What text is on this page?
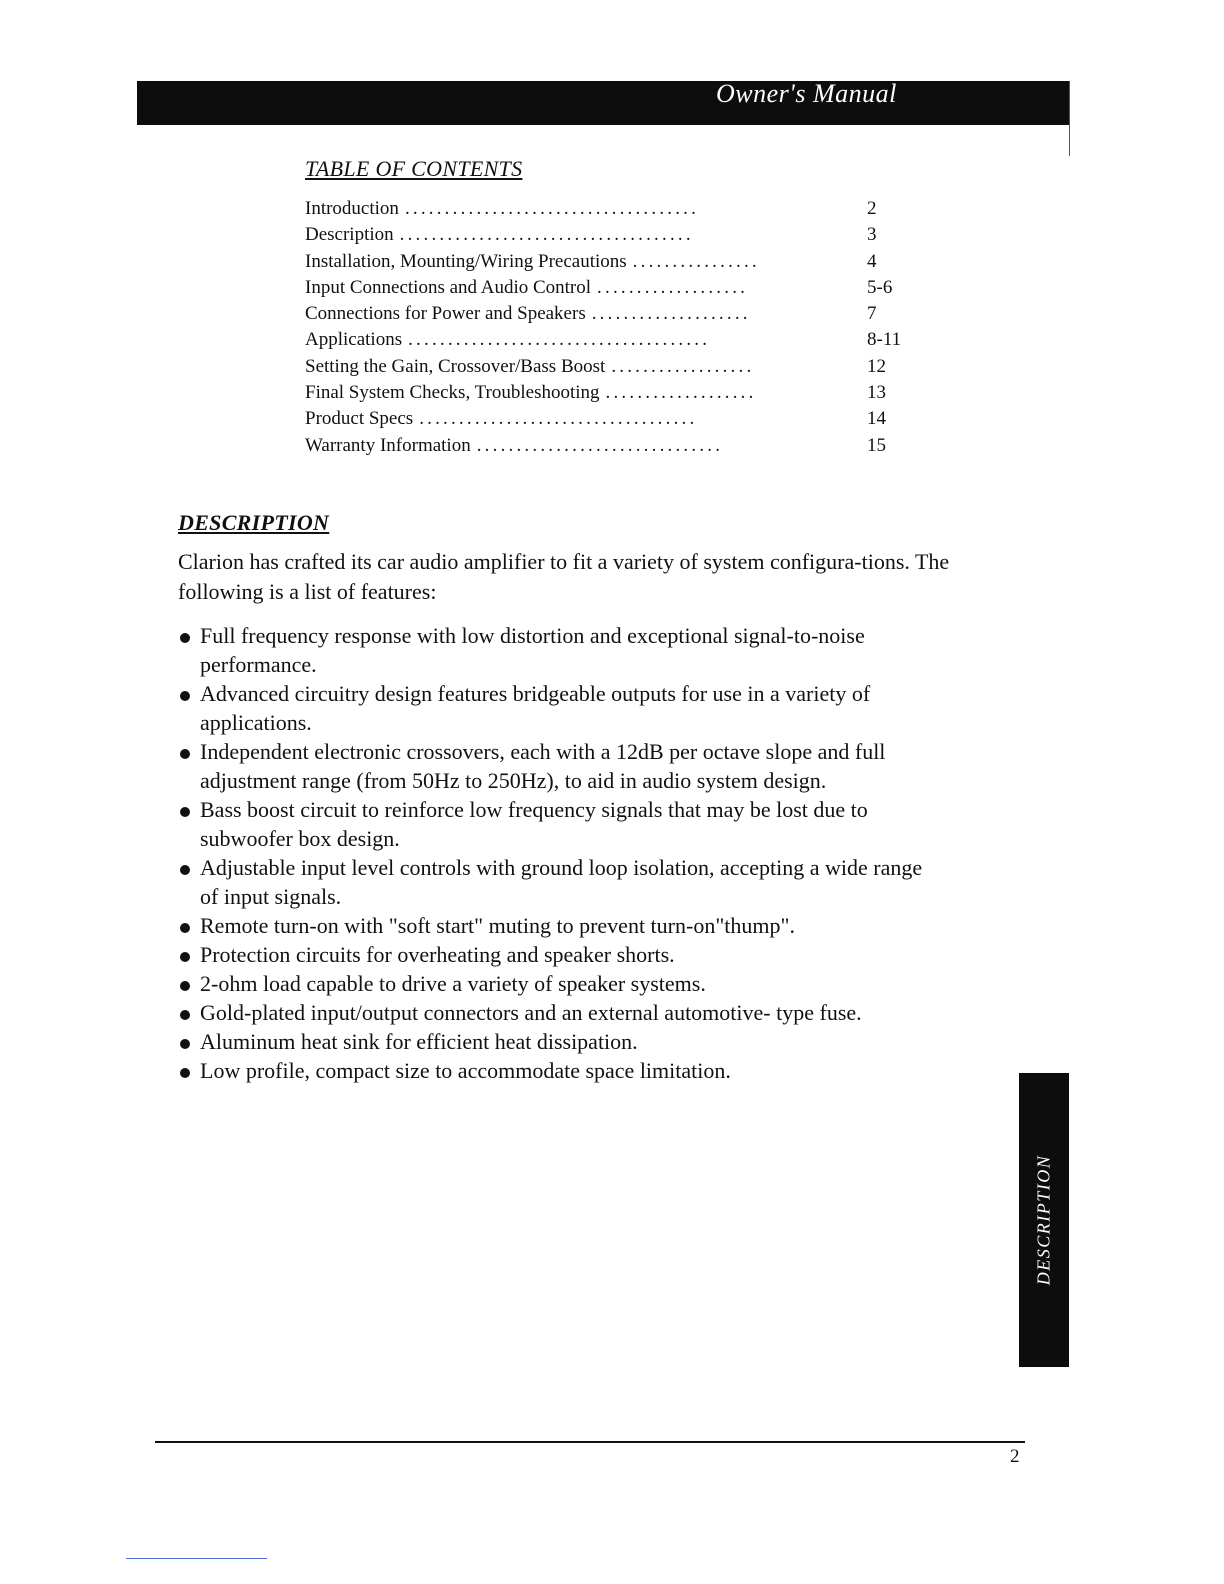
Owner's Manual
TABLE OF CONTENTS
Introduction .....................................	2
Description .....................................	3
Installation, Mounting/Wiring Precautions ................	4
Input Connections and Audio Control ...................	5-6
Connections for Power and Speakers ....................	7
Applications ......................................	8-11
Setting the Gain, Crossover/Bass Boost ..................	12
Final System Checks, Troubleshooting ...................	13
Product Specs ...................................	14
Warranty Information ...............................	15
DESCRIPTION
Clarion has crafted its car audio amplifier to fit a variety of system configura-tions. The following is a list of features:
Full frequency response with low distortion and exceptional signal-to-noise performance.
Advanced circuitry design features bridgeable outputs for use in a variety of applications.
Independent electronic crossovers, each with a 12dB per octave slope and full adjustment range (from 50Hz to 250Hz), to aid in audio system design.
Bass boost circuit to reinforce low frequency signals that may be lost due to subwoofer box design.
Adjustable input level controls with ground loop isolation, accepting a wide range of input signals.
Remote turn-on with "soft start" muting to prevent turn-on"thump".
Protection circuits for overheating and speaker shorts.
2-ohm load capable to drive a variety of speaker systems.
Gold-plated input/output connectors and an external automotive- type fuse.
Aluminum heat sink for efficient heat dissipation.
Low profile, compact size to accommodate space limitation.
DESCRIPTION
2
